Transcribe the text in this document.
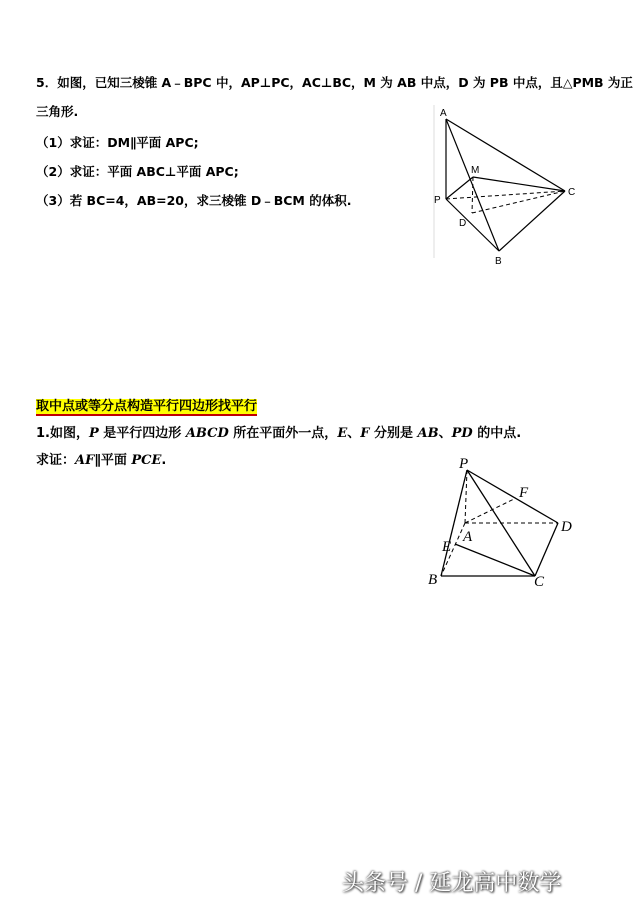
5．如图，已知三棱锥 A﹣BPC 中，AP⊥PC，AC⊥BC，M 为 AB 中点，D 为 PB 中点，且△PMB 为正
三角形.
（1）求证：DM∥平面 APC;
（2）求证：平面 ABC⊥平面 APC;
（3）若 BC=4，AB=20，求三棱锥 D﹣BCM 的体积.
A
M
P
D
C
B
取中点或等分点构造平行四边形找平行
1.如图，P 是平行四边形 ABCD 所在平面外一点，E、F 分别是 AB、PD 的中点.
求证：AF∥平面 PCE.	P
F
A
D
E
B	C
头条号 / 延龙高中数学
